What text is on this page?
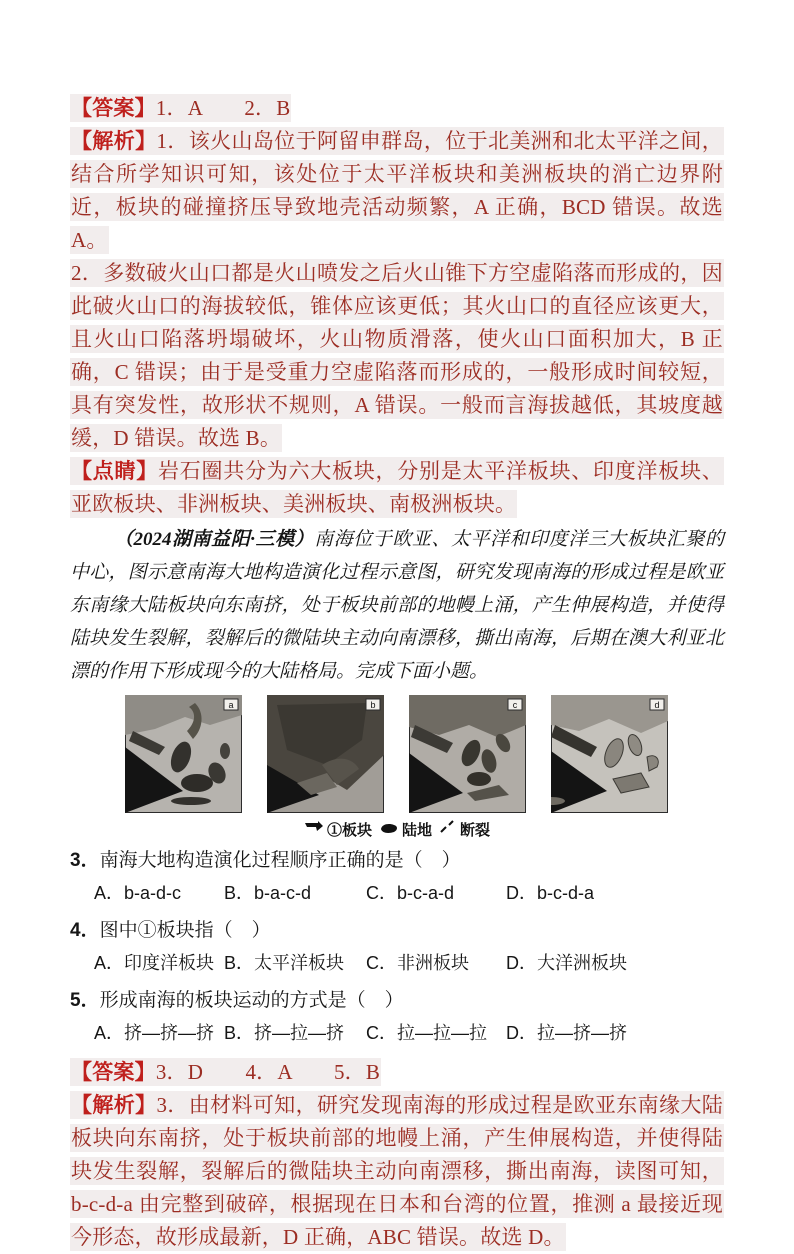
【答案】1．A　　2．B

【解析】1．该火山岛位于阿留申群岛，位于北美洲和北太平洋之间，结合所学知识可知，该处位于太平洋板块和美洲板块的消亡边界附近，板块的碰撞挤压导致地壳活动频繁，A 正确，BCD 错误。故选 A。

2．多数破火山口都是火山喷发之后火山锥下方空虚陷落而形成的，因此破火山口的海拔较低，锥体应该更低；其火山口的直径应该更大，且火山口陷落坍塌破坏，火山物质滑落，使火山口面积加大，B 正确，C 错误；由于是受重力空虚陷落而形成的，一般形成时间较短，具有突发性，故形状不规则，A 错误。一般而言海拔越低，其坡度越缓，D 错误。故选 B。

【点睛】岩石圈共分为六大板块，分别是太平洋板块、印度洋板块、亚欧板块、非洲板块、美洲板块、南极洲板块。

（2024湖南益阳·三模）南海位于欧亚、太平洋和印度洋三大板块汇聚的中心，图示意南海大地构造演化过程示意图，研究发现南海的形成过程是欧亚东南缘大陆板块向东南挤，处于板块前部的地幔上涌，产生伸展构造，并使得陆块发生裂解，裂解后的微陆块主动向南漂移，撕出南海，后期在澳大利亚北漂的作用下形成现今的大陆格局。完成下面小题。

a	b	c	d
①板块 陆地 断裂

3．南海大地构造演化过程顺序正确的是（　）

A．b-a-d-c	B．b-a-c-d	C．b-c-a-d	D．b-c-d-a

4．图中①板块指（　）

A．印度洋板块 B．太平洋板块	C．非洲板块	D．大洋洲板块

5．形成南海的板块运动的方式是（　）

A．挤—挤—挤 B．挤—拉—挤	C．拉—拉—拉	D．拉—挤—挤

【答案】3．D　　4．A　　5．B

【解析】3．由材料可知，研究发现南海的形成过程是欧亚东南缘大陆板块向东南挤，处于板块前部的地幔上涌，产生伸展构造，并使得陆块发生裂解，裂解后的微陆块主动向南漂移，撕出南海，读图可知，b-c-d-a 由完整到破碎，根据现在日本和台湾的位置，推测 a 最接近现今形态，故形成最新，D 正确，ABC 错误。故选 D。
